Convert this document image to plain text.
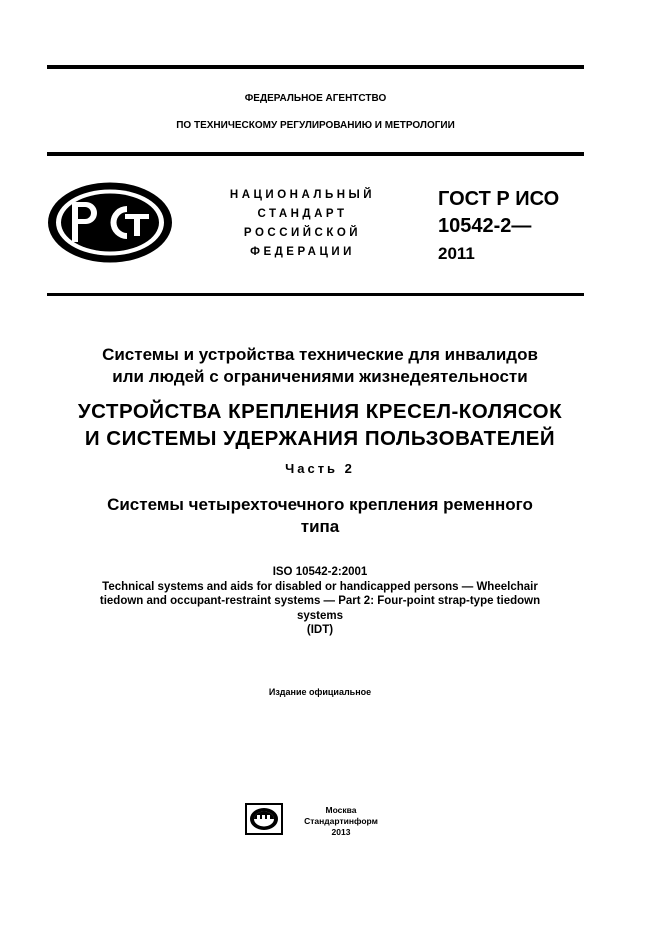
ФЕДЕРАЛЬНОЕ АГЕНТСТВО
ПО ТЕХНИЧЕСКОМУ РЕГУЛИРОВАНИЮ И МЕТРОЛОГИИ
НАЦИОНАЛЬНЫЙ
СТАНДАРТ
РОССИЙСКОЙ
ФЕДЕРАЦИИ
ГОСТ Р ИСО
10542-2—
2011
Системы и устройства технические для инвалидов
или людей с ограничениями жизнедеятельности
УСТРОЙСТВА КРЕПЛЕНИЯ КРЕСЕЛ-КОЛЯСОК
И СИСТЕМЫ УДЕРЖАНИЯ ПОЛЬЗОВАТЕЛЕЙ
Часть 2
Системы четырехточечного крепления ременного
типа
ISO 10542-2:2001
Technical systems and aids for disabled or handicapped persons — Wheelchair
tiedown and occupant-restraint systems — Part 2: Four-point strap-type tiedown
systems
(IDT)
Издание официальное
Москва
Стандартинформ
2013
